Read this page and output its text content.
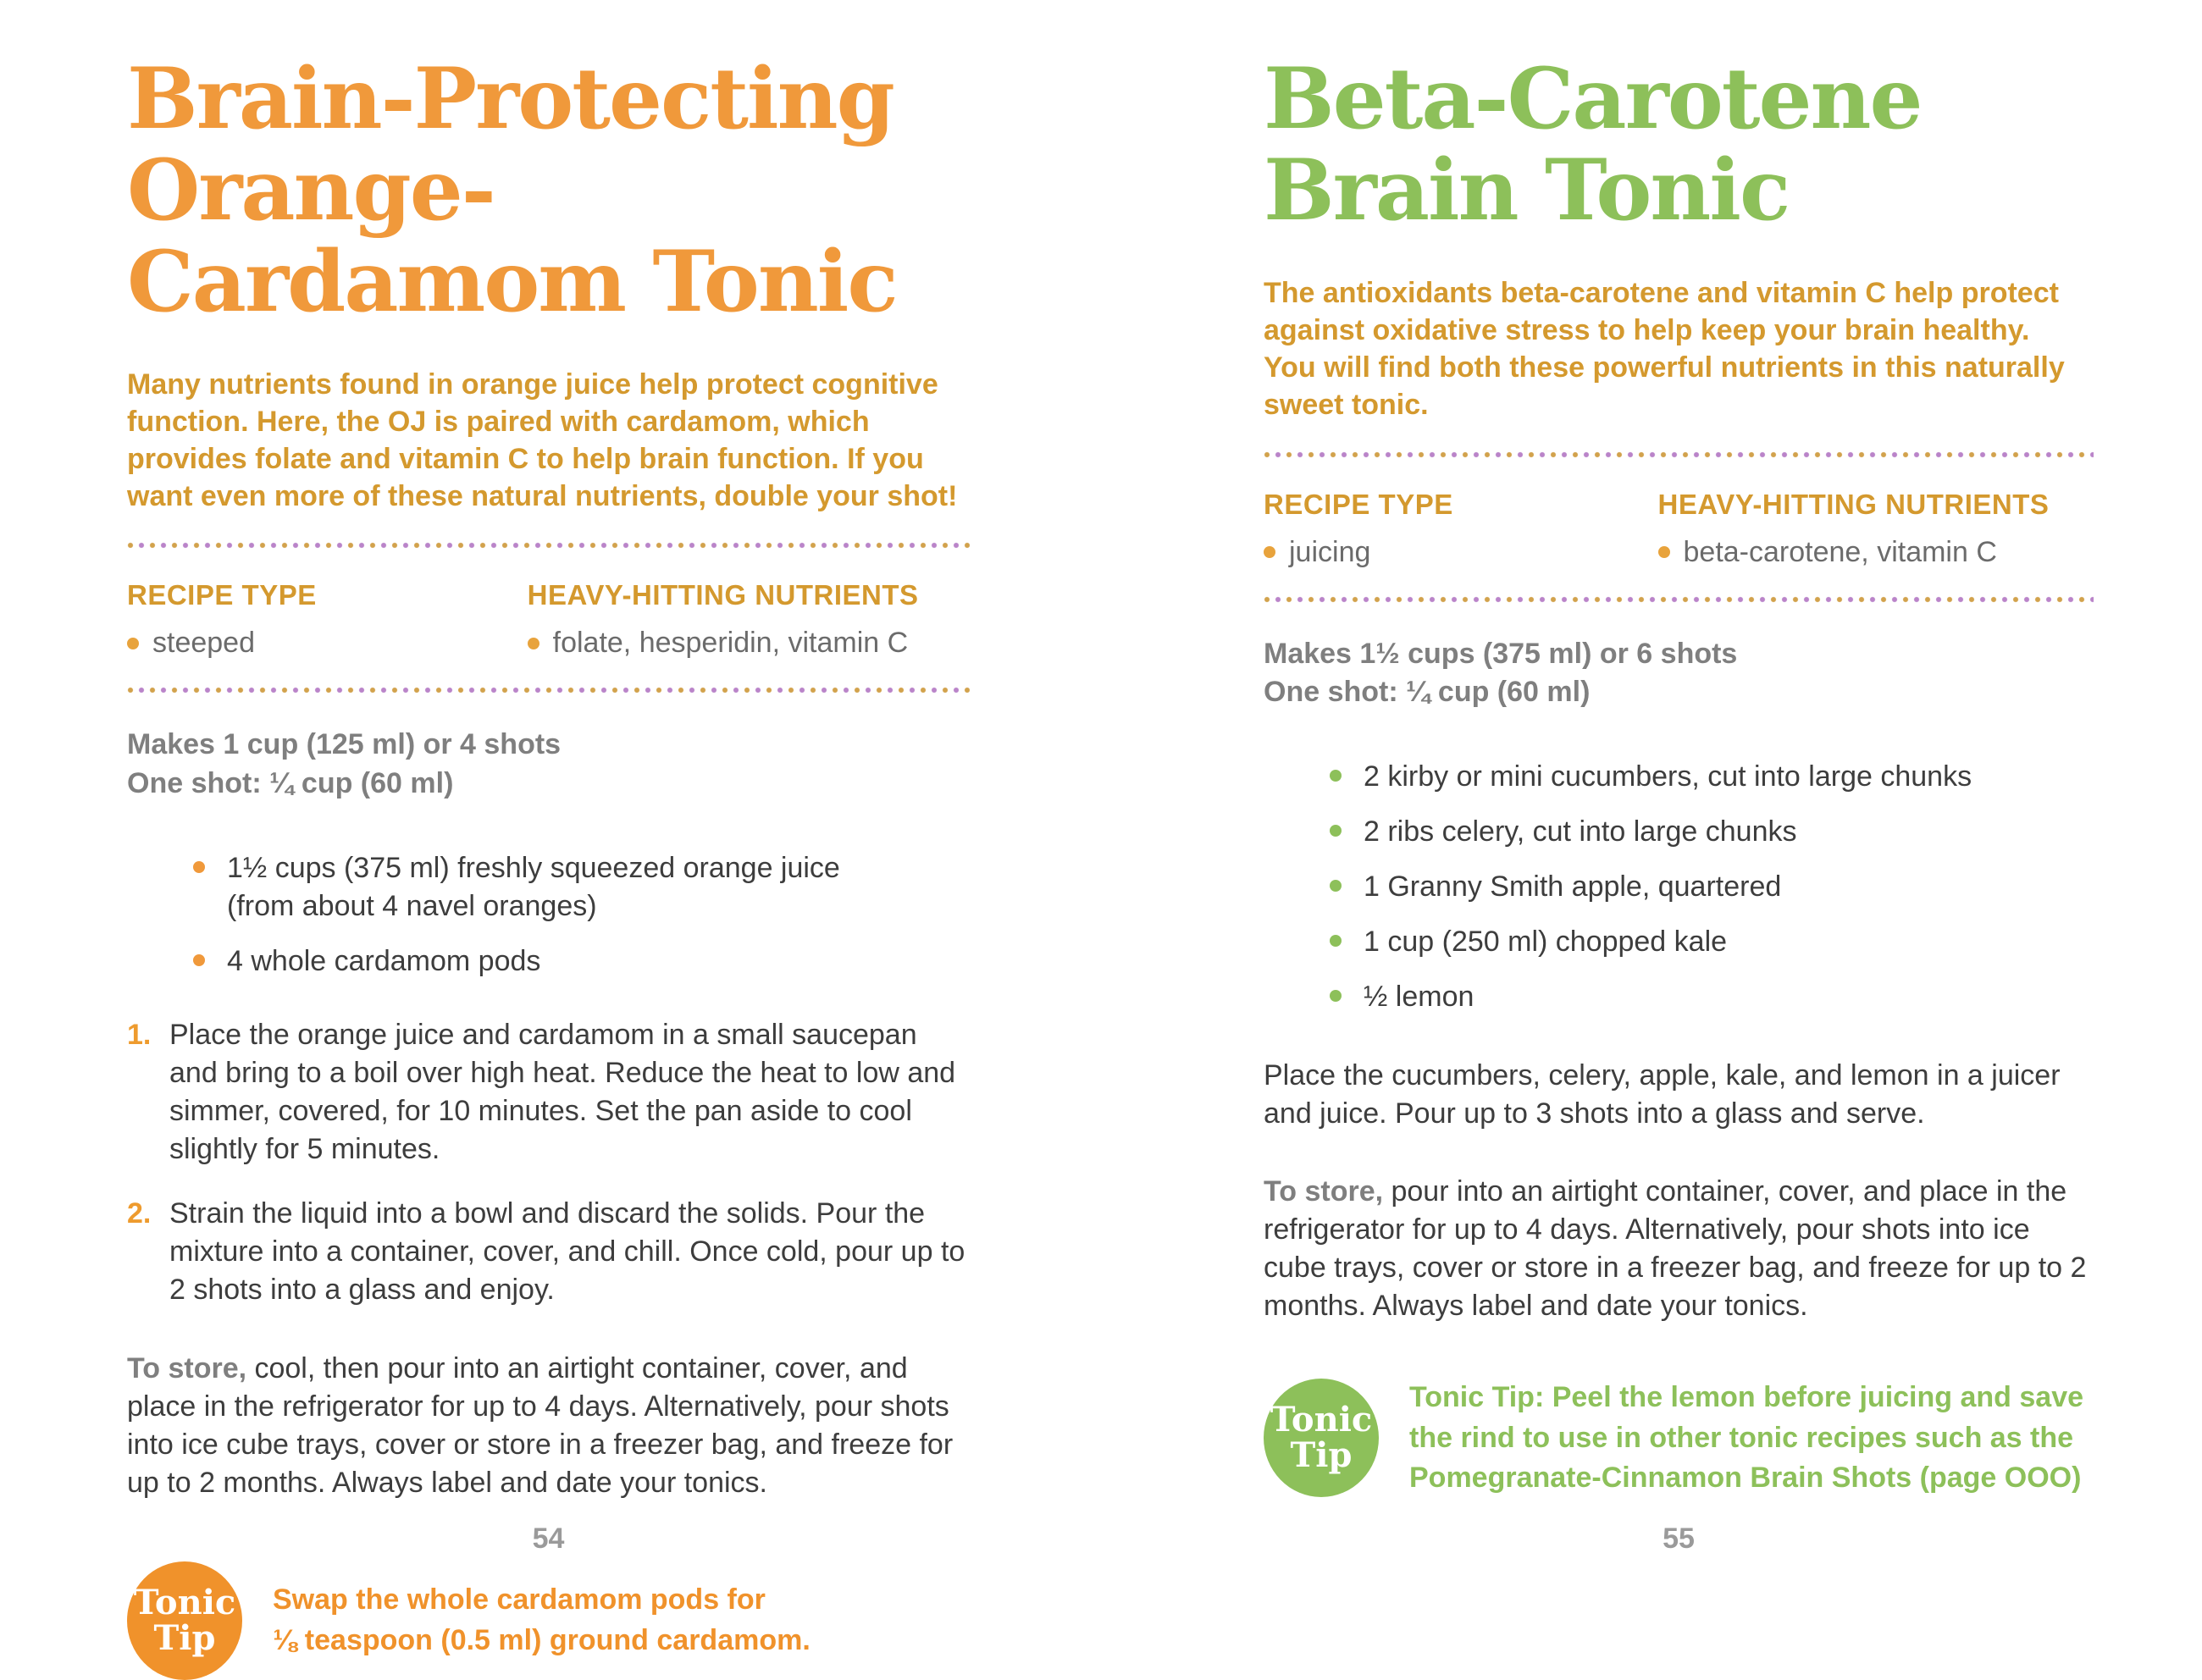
Brain-Protecting
Orange-
Cardamom Tonic
Many nutrients found in orange juice help protect cognitive
function. Here, the OJ is paired with cardamom, which
provides folate and vitamin C to help brain function. If you
want even more of these natural nutrients, double your shot!
RECIPE TYPE
steeped
HEAVY-HITTING NUTRIENTS
folate, hesperidin, vitamin C
Makes 1 cup (125 ml) or 4 shots
One shot: ¼ cup (60 ml)
1½ cups (375 ml) freshly squeezed orange juice (from about 4 navel oranges)
4 whole cardamom pods
1. Place the orange juice and cardamom in a small saucepan and bring to a boil over high heat. Reduce the heat to low and simmer, covered, for 10 minutes. Set the pan aside to cool slightly for 5 minutes.
2. Strain the liquid into a bowl and discard the solids. Pour the mixture into a container, cover, and chill. Once cold, pour up to 2 shots into a glass and enjoy.

To store, cool, then pour into an airtight container, cover, and place in the refrigerator for up to 4 days. Alternatively, pour shots into ice cube trays, cover or store in a freezer bag, and freeze for up to 2 months. Always label and date your tonics.

Tonic
Tip
Swap the whole cardamom pods for
⅛ teaspoon (0.5 ml) ground cardamom.
54
Beta-Carotene
Brain Tonic
The antioxidants beta-carotene and vitamin C help protect
against oxidative stress to help keep your brain healthy.
You will find both these powerful nutrients in this naturally
sweet tonic.
RECIPE TYPE
juicing
HEAVY-HITTING NUTRIENTS
beta-carotene, vitamin C
Makes 1½ cups (375 ml) or 6 shots
One shot: ¼ cup (60 ml)
2 kirby or mini cucumbers, cut into large chunks
2 ribs celery, cut into large chunks
1 Granny Smith apple, quartered
1 cup (250 ml) chopped kale
½ lemon

Place the cucumbers, celery, apple, kale, and lemon in a juicer and juice. Pour up to 3 shots into a glass and serve.

To store, pour into an airtight container, cover, and place in the refrigerator for up to 4 days. Alternatively, pour shots into ice cube trays, cover or store in a freezer bag, and freeze for up to 2 months. Always label and date your tonics.

Tonic
Tip
Tonic Tip: Peel the lemon before juicing and save
the rind to use in other tonic recipes such as the
Pomegranate-Cinnamon Brain Shots (page OOO)
55
